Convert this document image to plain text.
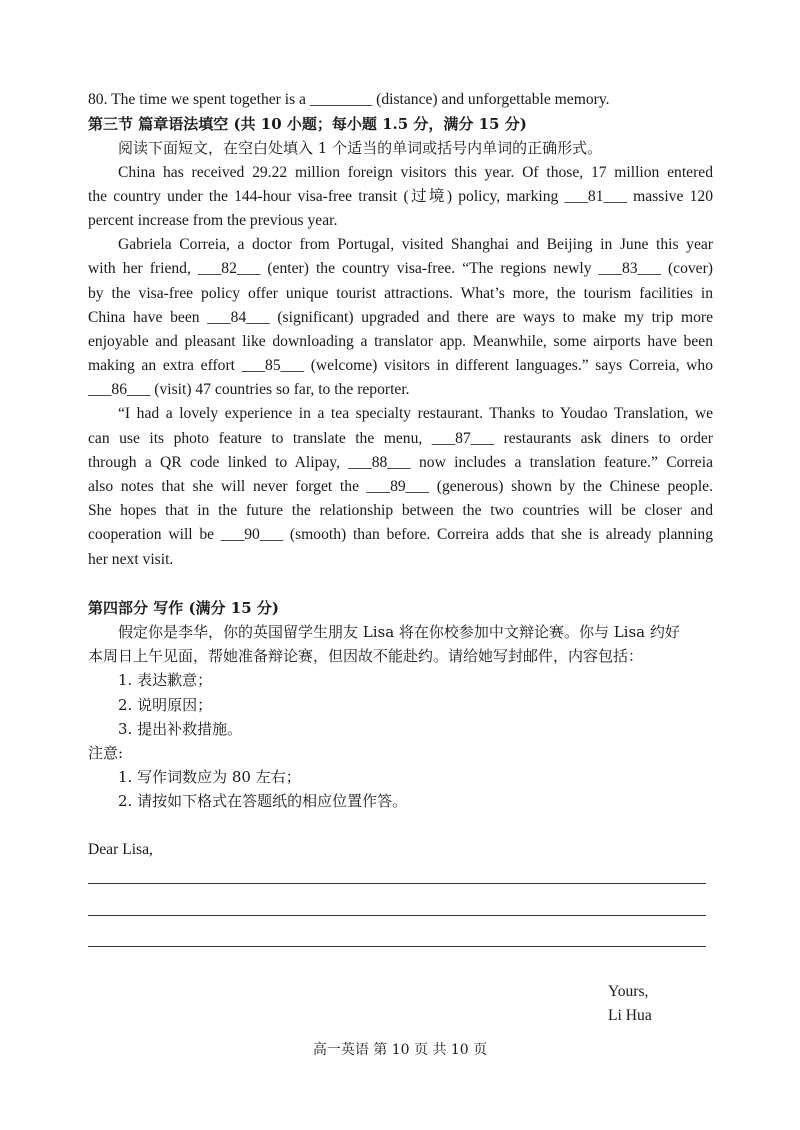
80. The time we spent together is a ________ (distance) and unforgettable memory.
第三节 篇章语法填空 (共 10 小题；每小题 1.5 分，满分 15 分)
阅读下面短文，在空白处填入 1 个适当的单词或括号内单词的正确形式。
China has received 29.22 million foreign visitors this year. Of those, 17 million entered
the country under the 144-hour visa-free transit (过境) policy, marking ___81___ massive 120
percent increase from the previous year.
Gabriela Correia, a doctor from Portugal, visited Shanghai and Beijing in June this year
with her friend, ___82___ (enter) the country visa-free. “The regions newly ___83___ (cover)
by the visa-free policy offer unique tourist attractions. What’s more, the tourism facilities in
China have been ___84___ (significant) upgraded and there are ways to make my trip more
enjoyable and pleasant like downloading a translator app. Meanwhile, some airports have been
making an extra effort ___85___ (welcome) visitors in different languages.” says Correia, who
___86___ (visit) 47 countries so far, to the reporter.
“I had a lovely experience in a tea specialty restaurant. Thanks to Youdao Translation, we
can use its photo feature to translate the menu, ___87___ restaurants ask diners to order
through a QR code linked to Alipay, ___88___ now includes a translation feature.” Correia
also notes that she will never forget the ___89___ (generous) shown by the Chinese people.
She hopes that in the future the relationship between the two countries will be closer and
cooperation will be ___90___ (smooth) than before. Correira adds that she is already planning
her next visit.
第四部分 写作 (满分 15 分)
假定你是李华，你的英国留学生朋友 Lisa 将在你校参加中文辩论赛。你与 Lisa 约好
本周日上午见面，帮她准备辩论赛，但因故不能赴约。请给她写封邮件，内容包括：
1. 表达歉意；
2. 说明原因；
3. 提出补救措施。
注意:
1. 写作词数应为 80 左右；
2. 请按如下格式在答题纸的相应位置作答。
Dear Lisa,
Yours,
Li Hua
高一英语 第 10 页 共 10 页
